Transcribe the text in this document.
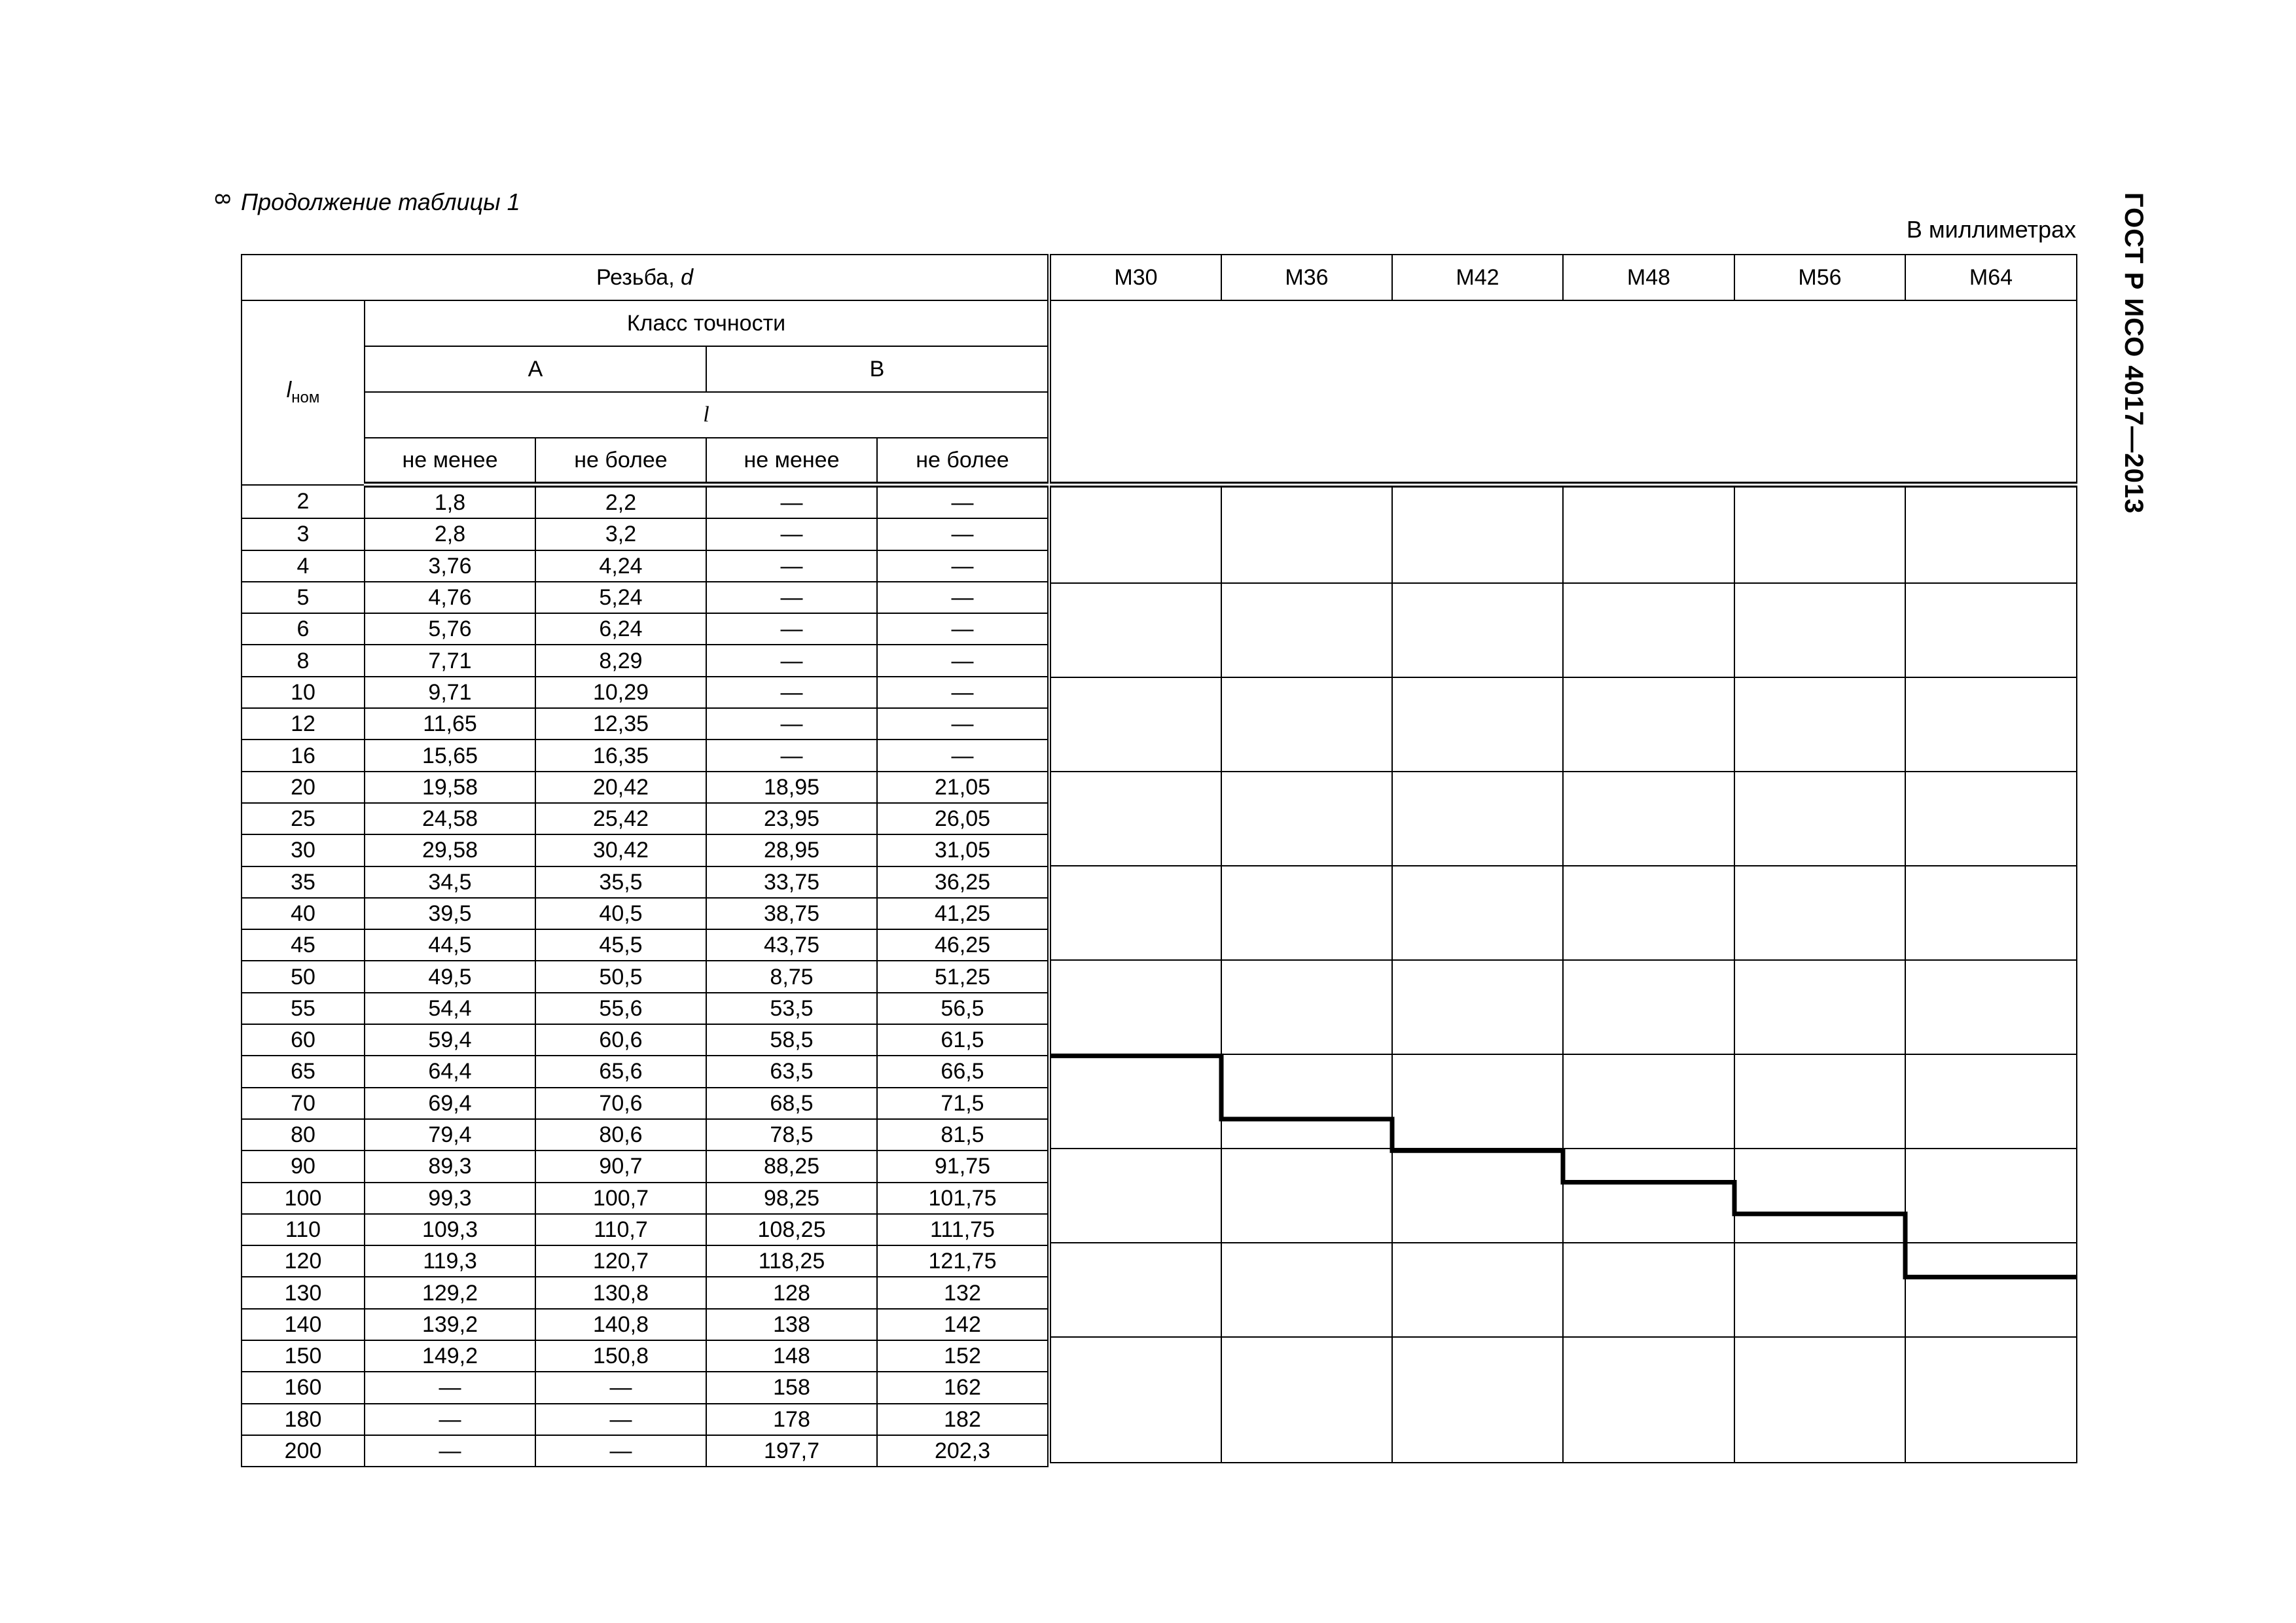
8 Продолжение таблицы 1
В миллиметрах ГОСТ Р ИСО 4017—2013
Резьба, d				
$l_{ном}$	Класс точности			
	A		B	
	l			
	не менее	не более	не менее	не более
2	1,8	2,2	—	—
3	2,8	3,2	—	—
4	3,76	4,24	—	—
5	4,76	5,24	—	—
6	5,76	6,24	—	—
8	7,71	8,29	—	—
10	9,71	10,29	—	—
12	11,65	12,35	—	—
16	15,65	16,35	—	—
20	19,58	20,42	18,95	21,05
25	24,58	25,42	23,95	26,05
30	29,58	30,42	28,95	31,05
35	34,5	35,5	33,75	36,25
40	39,5	40,5	38,75	41,25
45	44,5	45,5	43,75	46,25
50	49,5	50,5	8,75	51,25
55	54,4	55,6	53,5	56,5
60	59,4	60,6	58,5	61,5
65	64,4	65,6	63,5	66,5
70	69,4	70,6	68,5	71,5
80	79,4	80,6	78,5	81,5
90	89,3	90,7	88,25	91,75
100	99,3	100,7	98,25	101,75
110	109,3	110,7	108,25	111,75
120	119,3	120,7	118,25	121,75
130	129,2	130,8	128	132
140	139,2	140,8	138	142
150	149,2	150,8	148	152
160	—	—	158	162
180	—	—	178	182
200	—	—	197,7	202,3
M30	M36	M42	M48	M56	M64
